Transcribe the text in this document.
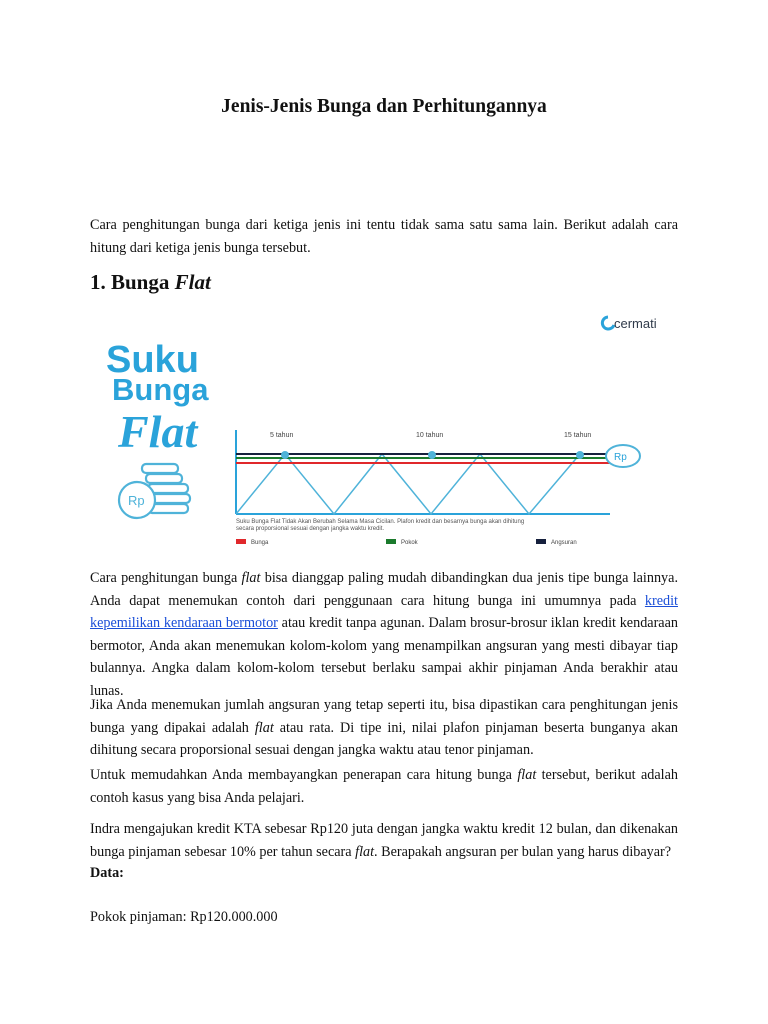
Jenis-Jenis Bunga dan Perhitungannya

Cara penghitungan bunga dari ketiga jenis ini tentu tidak sama satu sama lain. Berikut adalah cara hitung dari ketiga jenis bunga tersebut.

1. Bunga Flat
cermati
Suku
Bunga
Flat
Rp
5 tahun	10 tahun	15 tahun
Rp
Suku Bunga Flat Tidak Akan Berubah Selama Masa Cicilan. Plafon kredit dan besarnya bunga akan dihitung
secara proporsional sesuai dengan jangka waktu kredit.
Bunga	Pokok	Angsuran

Cara penghitungan bunga flat bisa dianggap paling mudah dibandingkan dua jenis tipe bunga lainnya. Anda dapat menemukan contoh dari penggunaan cara hitung bunga ini umumnya pada kredit kepemilikan kendaraan bermotor atau kredit tanpa agunan. Dalam brosur-brosur iklan kredit kendaraan bermotor, Anda akan menemukan kolom-kolom yang menampilkan angsuran yang mesti dibayar tiap bulannya. Angka dalam kolom-kolom tersebut berlaku sampai akhir pinjaman Anda berakhir atau lunas.

Jika Anda menemukan jumlah angsuran yang tetap seperti itu, bisa dipastikan cara penghitungan jenis bunga yang dipakai adalah flat atau rata. Di tipe ini, nilai plafon pinjaman beserta bunganya akan dihitung secara proporsional sesuai dengan jangka waktu atau tenor pinjaman.

Untuk memudahkan Anda membayangkan penerapan cara hitung bunga flat tersebut, berikut adalah contoh kasus yang bisa Anda pelajari.

Indra mengajukan kredit KTA sebesar Rp120 juta dengan jangka waktu kredit 12 bulan, dan dikenakan bunga pinjaman sebesar 10% per tahun secara flat. Berapakah angsuran per bulan yang harus dibayar?

Data:

Pokok pinjaman: Rp120.000.000
